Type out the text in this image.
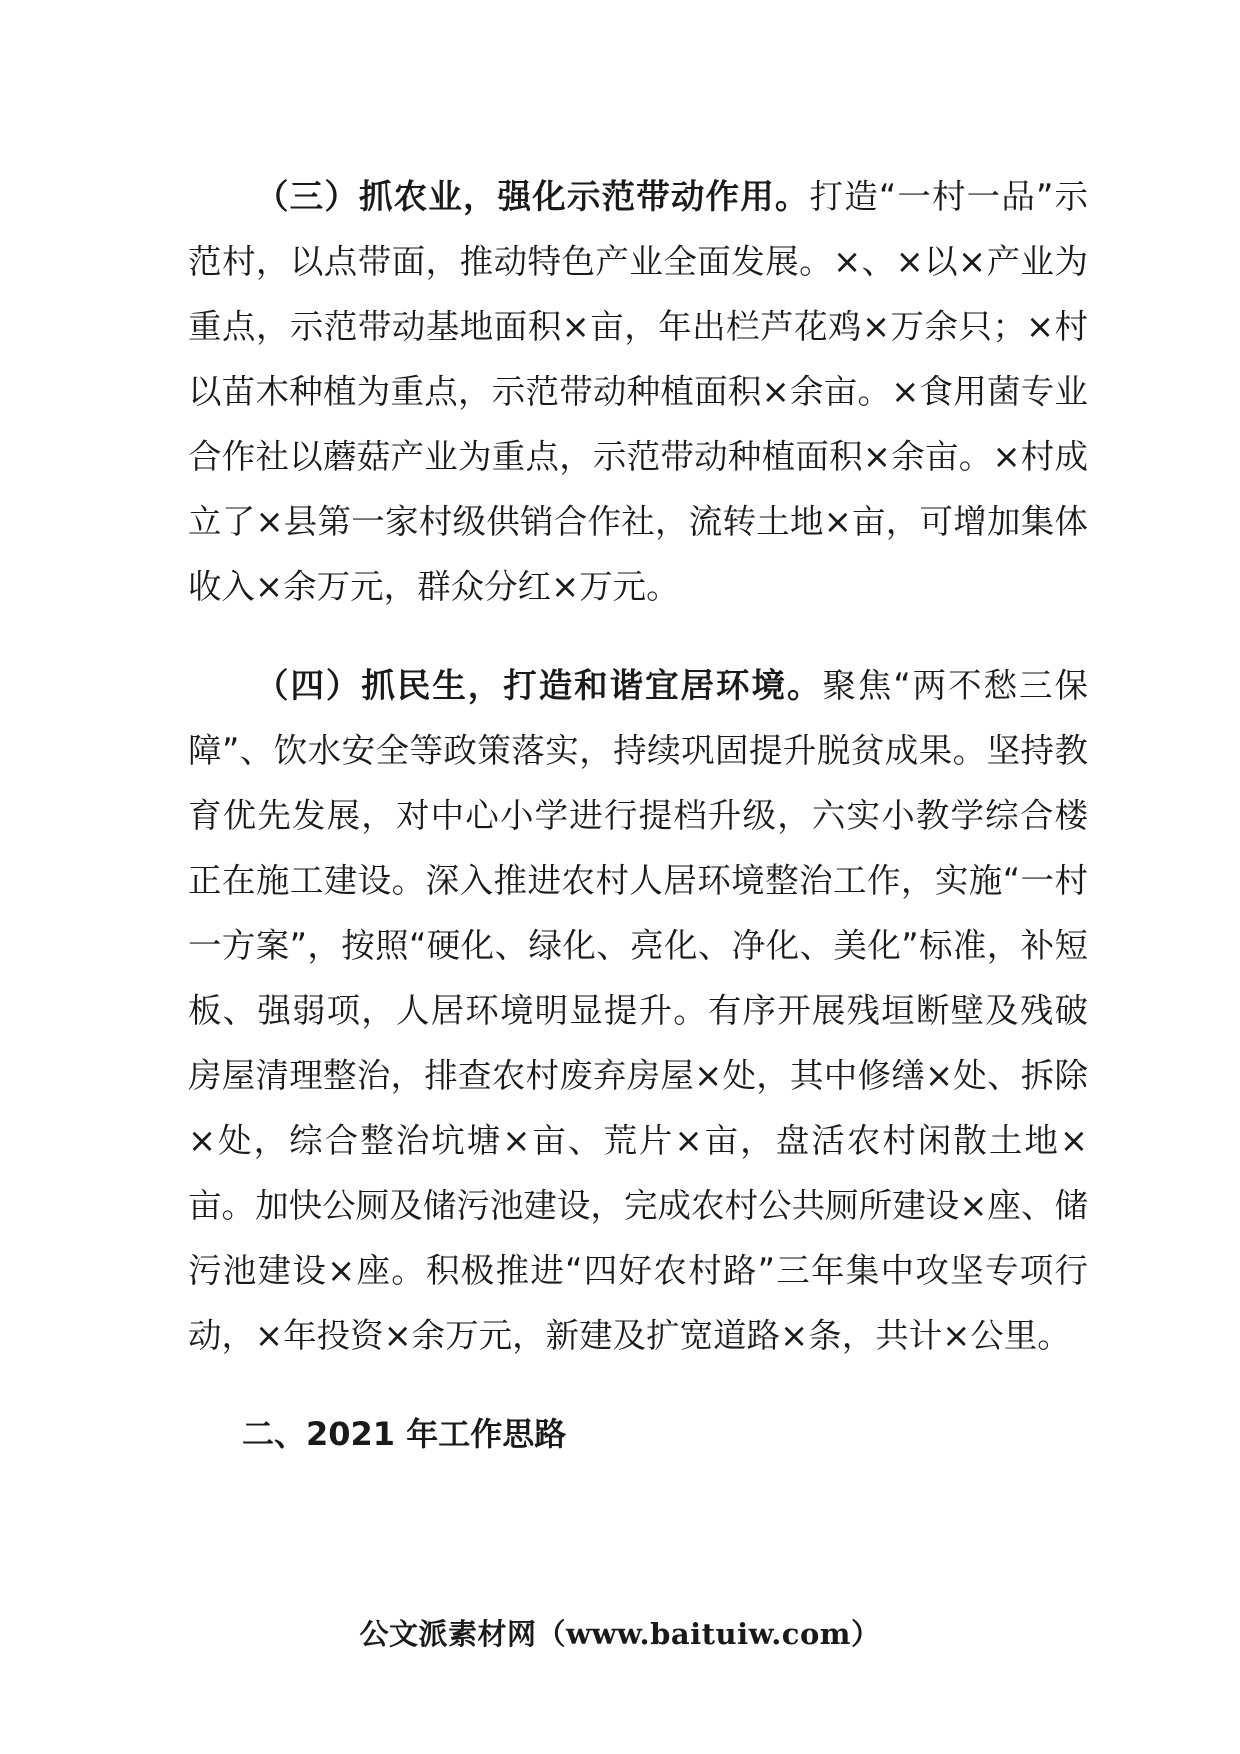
（三）抓农业，强化示范带动作用。打造“一村一品”示范村，以点带面，推动特色产业全面发展。×、×以×产业为重点，示范带动基地面积×亩，年出栏芦花鸡×万余只；×村以苗木种植为重点，示范带动种植面积×余亩。×食用菌专业合作社以蘑菇产业为重点，示范带动种植面积×余亩。×村成立了×县第一家村级供销合作社，流转土地×亩，可增加集体收入×余万元，群众分红×万元。

（四）抓民生，打造和谐宜居环境。聚焦“两不愁三保障”、饮水安全等政策落实，持续巩固提升脱贫成果。坚持教育优先发展，对中心小学进行提档升级，六实小教学综合楼正在施工建设。深入推进农村人居环境整治工作，实施“一村一方案”，按照“硬化、绿化、亮化、净化、美化”标准，补短板、强弱项，人居环境明显提升。有序开展残垣断壁及残破房屋清理整治，排查农村废弃房屋×处，其中修缮×处、拆除×处，综合整治坑塘×亩、荒片×亩，盘活农村闲散土地×亩。加快公厕及储污池建设，完成农村公共厕所建设×座、储污池建设×座。积极推进“四好农村路”三年集中攻坚专项行动，×年投资×余万元，新建及扩宽道路×条，共计×公里。

二、2021 年工作思路

公文派素材网（www.baituiw.com）
